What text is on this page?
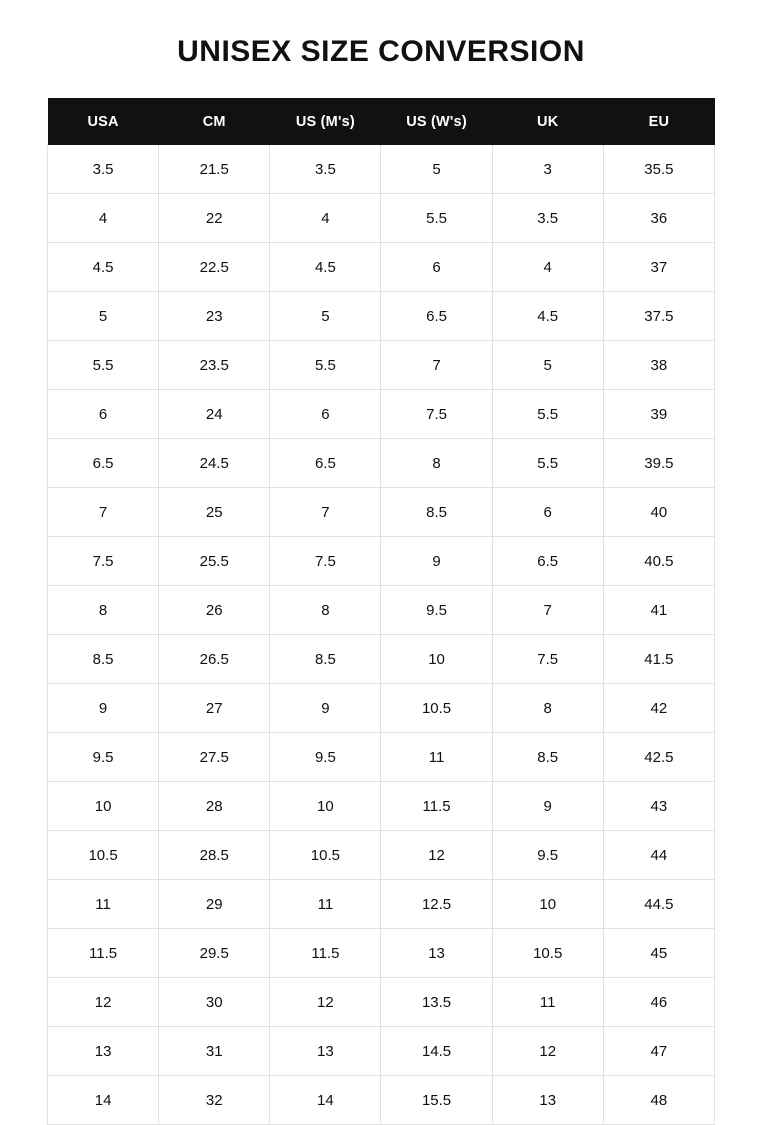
UNISEX SIZE CONVERSION
USA	CM	US (M's)	US (W's)	UK	EU
3.5	21.5	3.5	5	3	35.5
4	22	4	5.5	3.5	36
4.5	22.5	4.5	6	4	37
5	23	5	6.5	4.5	37.5
5.5	23.5	5.5	7	5	38
6	24	6	7.5	5.5	39
6.5	24.5	6.5	8	5.5	39.5
7	25	7	8.5	6	40
7.5	25.5	7.5	9	6.5	40.5
8	26	8	9.5	7	41
8.5	26.5	8.5	10	7.5	41.5
9	27	9	10.5	8	42
9.5	27.5	9.5	11	8.5	42.5
10	28	10	11.5	9	43
10.5	28.5	10.5	12	9.5	44
11	29	11	12.5	10	44.5
11.5	29.5	11.5	13	10.5	45
12	30	12	13.5	11	46
13	31	13	14.5	12	47
14	32	14	15.5	13	48
